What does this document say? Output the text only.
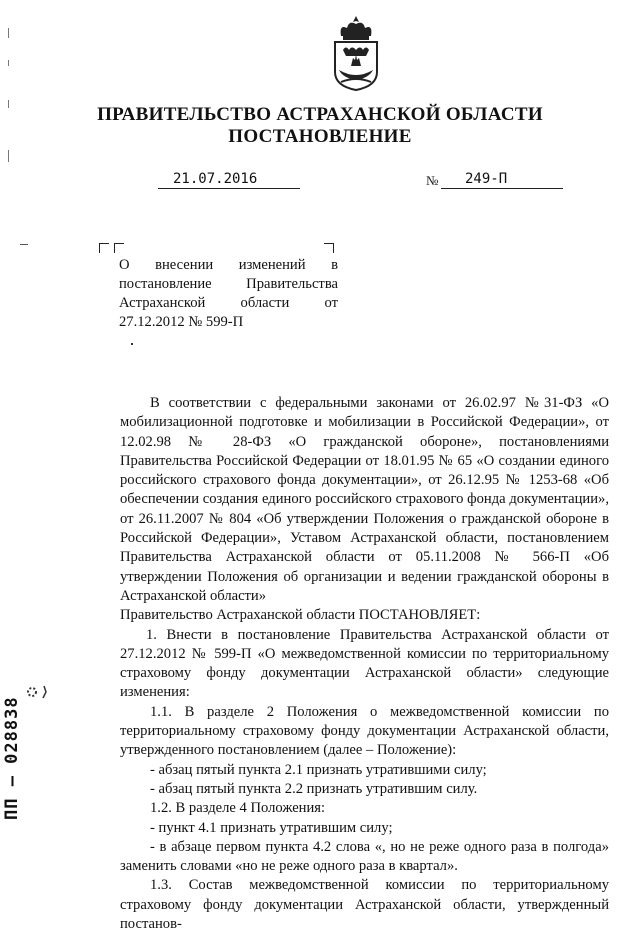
ПРАВИТЕЛЬСТВО АСТРАХАНСКОЙ ОБЛАСТИ
ПОСТАНОВЛЕНИЕ
21.07.2016	№ 249-П
О внесении изменений в постановление Правительства Астраханской области от 27.12.2012 № 599-П

В соответствии с федеральными законами от 26.02.97 №31-ФЗ «О мобилизационной подготовке и мобилизации в Российской Федерации», от 12.02.98 № 28-ФЗ «О гражданской обороне», постановлениями Правительства Российской Федерации от 18.01.95 № 65 «О создании единого российского страхового фонда документации», от 26.12.95 № 1253-68 «Об обеспечении создания единого российского страхового фонда документации», от 26.11.2007 № 804 «Об утверждении Положения о гражданской обороне в Российской Федерации», Уставом Астраханской области, постановлением Правительства Астраханской области от 05.11.2008 № 566-П «Об утверждении Положения об организации и ведении гражданской обороны в Астраханской области»

Правительство Астраханской области ПОСТАНОВЛЯЕТ:

1. Внести в постановление Правительства Астраханской области от 27.12.2012 № 599-П «О межведомственной комиссии по территориальному страховому фонду документации Астраханской области» следующие изменения:

1.1. В разделе 2 Положения о межведомственной комиссии по территориальному страховому фонду документации Астраханской области, утвержденного постановлением (далее – Положение):

- абзац пятый пункта 2.1 признать утратившими силу;

- абзац пятый пункта 2.2 признать утратившим силу.

1.2. В разделе 4 Положения:

- пункт 4.1 признать утратившим силу;

- в абзаце первом пункта 4.2 слова «, но не реже одного раза в полгода» заменить словами «но не реже одного раза в квартал».

1.3. Состав межведомственной комиссии по территориальному страховому фонду документации Астраханской области, утвержденный постанов-

ПП – 028838
